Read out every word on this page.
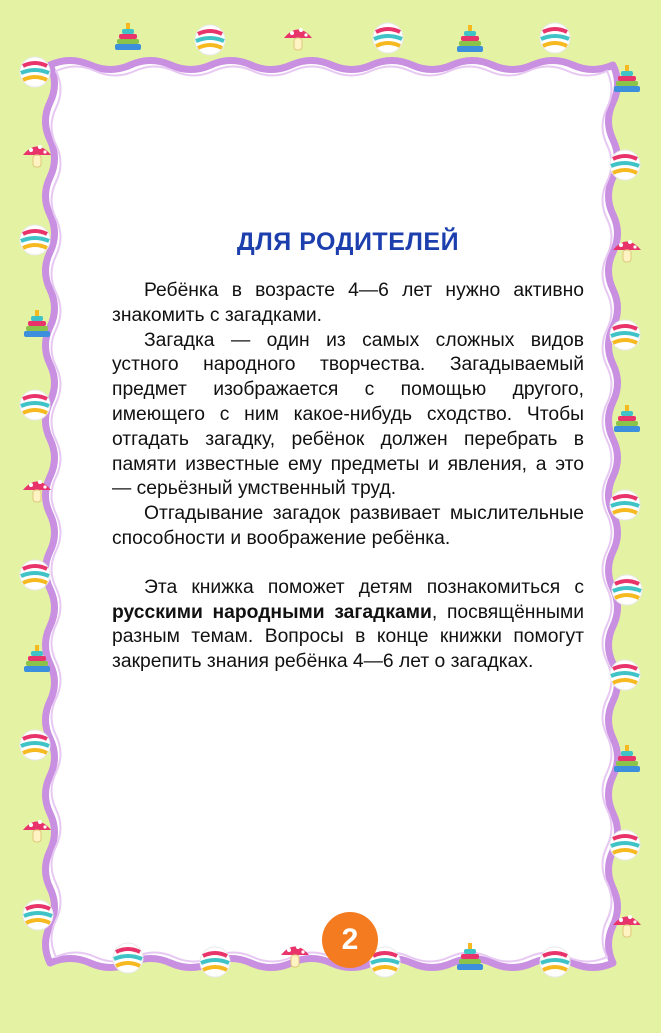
ДЛЯ РОДИТЕЛЕЙ

Ребёнка в возрасте 4—6 лет нужно активно знакомить с загадками.

Загадка — один из самых сложных видов устного народного творчества. Загадываемый предмет изображается с помощью другого, имеющего с ним какое-нибудь сходство. Чтобы отгадать загадку, ребёнок должен перебрать в памяти известные ему предметы и явления, а это — серьёзный умственный труд.

Отгадывание загадок развивает мыслительные способности и воображение ребёнка.

Эта книжка поможет детям познакомиться с русскими народными загадками, посвящёнными разным темам. Вопросы в конце книжки помогут закрепить знания ребёнка 4—6 лет о загадках.

2
